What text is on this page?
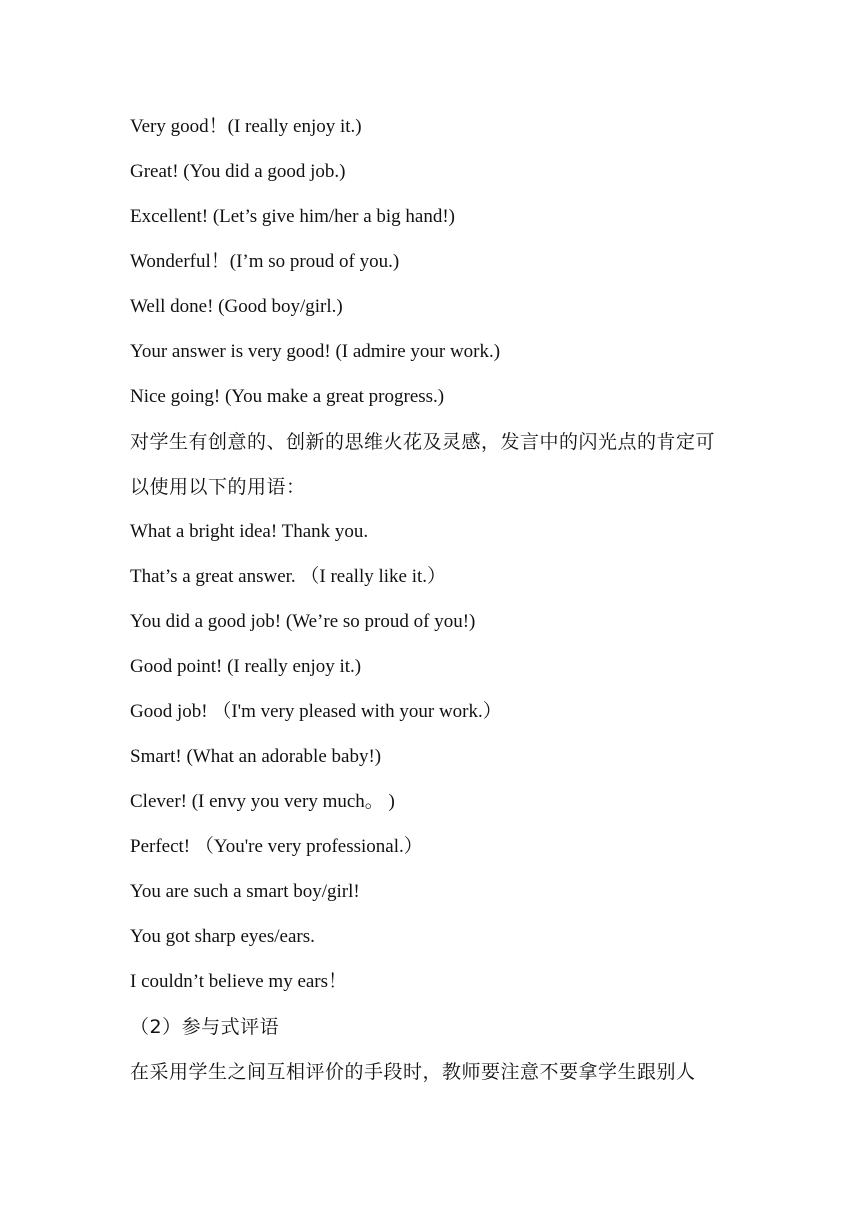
Very good！(I really enjoy it.)
Great! (You did a good job.)
Excellent! (Let’s give him/her a big hand!)
Wonderful！(I’m so proud of you.)
Well done! (Good boy/girl.)
Your answer is very good! (I admire your work.)
Nice going! (You make a great progress.)
对学生有创意的、创新的思维火花及灵感，发言中的闪光点的肯定可
以使用以下的用语：
What a bright idea! Thank you.
That’s a great answer. （I really like it.）
You did a good job! (We’re so proud of you!)
Good point! (I really enjoy it.)
Good job! （I'm very pleased with your work.）
Smart! (What an adorable baby!)
Clever! (I envy you very much。 )
Perfect! （You're very professional.）
You are such a smart boy/girl!
You got sharp eyes/ears.
I couldn’t believe my ears！
（2）参与式评语
在采用学生之间互相评价的手段时，教师要注意不要拿学生跟别人
